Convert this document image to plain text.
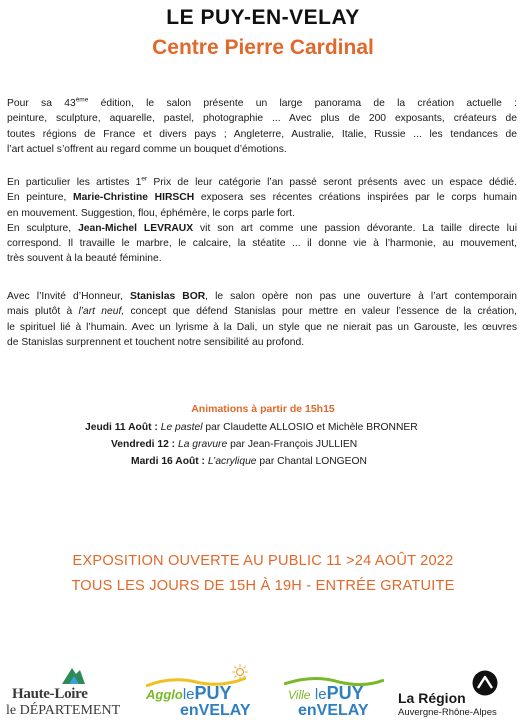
LE PUY-EN-VELAY
Centre Pierre Cardinal
Pour sa 43ème édition, le salon présente un large panorama de la création actuelle :
peinture, sculpture, aquarelle, pastel, photographie ... Avec plus de 200 exposants, créateurs de
toutes régions de France et divers pays ; Angleterre, Australie, Italie, Russie ... les tendances de
l’art actuel s’offrent au regard comme un bouquet d’émotions.
En particulier les artistes 1er Prix de leur catégorie l’an passé seront présents avec un espace dédié.
En peinture, Marie-Christine HIRSCH exposera ses récentes créations inspirées par le corps humain
en mouvement. Suggestion, flou, éphémère, le corps parle fort.
En sculpture, Jean-Michel LEVRAUX vit son art comme une passion dévorante. La taille directe lui
correspond. Il travaille le marbre, le calcaire, la stéatite ... il donne vie à l’harmonie, au mouvement,
très souvent à la beauté féminine.
Avec l’Invité d’Honneur, Stanislas BOR, le salon opère non pas une ouverture à l’art contemporain
mais plutôt à l’art neuf, concept que défend Stanislas pour mettre en valeur l’essence de la création,
le spirituel lié à l’humain. Avec un lyrisme à la Dali, un style que ne nierait pas un Garouste, les œuvres
de Stanislas surprennent et touchent notre sensibilité au profond.
Animations à partir de 15h15
Jeudi 11 Août : Le pastel par Claudette ALLOSIO et Michèle BRONNER
Vendredi 12 : La gravure par Jean-François JULLIEN
Mardi 16 Août : L’acrylique par Chantal LONGEON
EXPOSITION OUVERTE AU PUBLIC 11 >24 AOÛT 2022
TOUS LES JOURS DE 15H À 19H - ENTRÉE GRATUITE
Haute-Loire
le DÉPARTEMENT
AgglolePUY
enVELAY
Ville lePUY
enVELAY
La Région
Auvergne-Rhône-Alpes
